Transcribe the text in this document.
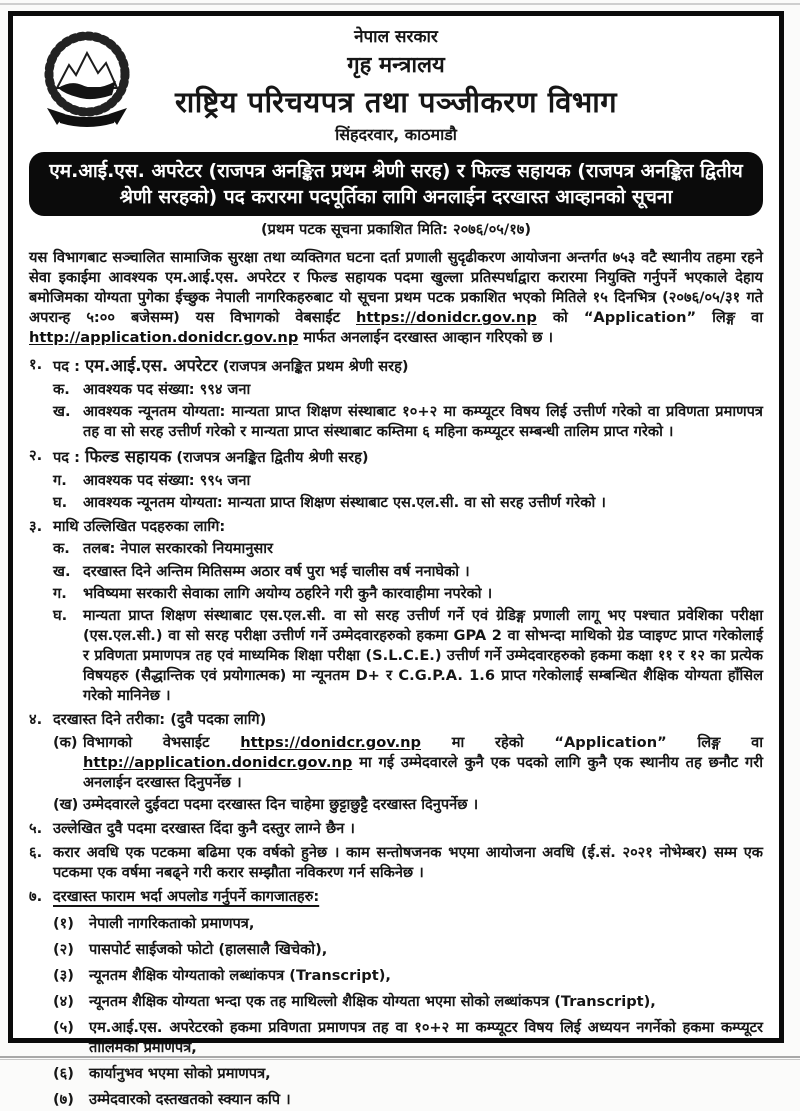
नेपाल सरकार
गृह मन्त्रालय
राष्ट्रिय परिचयपत्र तथा पञ्जीकरण विभाग
सिंहदरवार, काठमाडौ
एम.आई.एस. अपरेटर (राजपत्र अनङ्कित प्रथम श्रेणी सरह) र फिल्ड सहायक (राजपत्र अनङ्कित द्वितीय श्रेणी सरहको) पद करारमा पदपूर्तिका लागि अनलाईन दरखास्त आव्हानको सूचना
(प्रथम पटक सूचना प्रकाशित मिति: २०७६/०५/१७)

यस विभागबाट सञ्चालित सामाजिक सुरक्षा तथा व्यक्तिगत घटना दर्ता प्रणाली सुदृढीकरण आयोजना अन्तर्गत ७५३ वटै स्थानीय तहमा रहने सेवा इकाईमा आवश्यक एम.आई.एस. अपरेटर र फिल्ड सहायक पदमा खुल्ला प्रतिस्पर्धाद्वारा करारमा नियुक्ति गर्नुपर्ने भएकाले देहाय बमोजिमका योग्यता पुगेका ईच्छुक नेपाली नागरिकहरुबाट यो सूचना प्रथम पटक प्रकाशित भएको मितिले १५ दिनभित्र (२०७६/०५/३१ गते अपरान्ह ५:०० बजेसम्म) यस विभागको वेबसाईट https://donidcr.gov.np को “Application” लिङ्ग वा http://application.donidcr.gov.np मार्फत अनलाईन दरखास्त आव्हान गरिएको छ ।

१. पद : एम.आई.एस. अपरेटर (राजपत्र अनङ्कित प्रथम श्रेणी सरह)
क. आवश्यक पद संख्या: ९९४ जना
ख. आवश्यक न्यूनतम योग्यता: मान्यता प्राप्त शिक्षण संस्थाबाट १०+२ मा कम्प्यूटर विषय लिई उत्तीर्ण गरेको वा प्रविणता प्रमाणपत्र तह वा सो सरह उत्तीर्ण गरेको र मान्यता प्राप्त संस्थाबाट कम्तिमा ६ महिना कम्प्यूटर सम्बन्धी तालिम प्राप्त गरेको ।
२. पद : फिल्ड सहायक (राजपत्र अनङ्कित द्वितीय श्रेणी सरह)
ग.	आवश्यक पद संख्या: ९९५ जना
घ.	आवश्यक न्यूनतम योग्यता: मान्यता प्राप्त शिक्षण संस्थाबाट एस.एल.सी. वा सो सरह उत्तीर्ण गरेको ।
३. माथि उल्लिखित पदहरुका लागि:
क. तलब: नेपाल सरकारको नियमानुसार
ख. दरखास्त दिने अन्तिम मितिसम्म अठार वर्ष पुरा भई चालीस वर्ष ननाघेको ।
ग.	भविष्यमा सरकारी सेवाका लागि अयोग्य ठहरिने गरी कुनै कारवाहीमा नपरेको ।
घ.	मान्यता प्राप्त शिक्षण संस्थाबाट एस.एल.सी. वा सो सरह उत्तीर्ण गर्ने एवं ग्रेडिङ्ग प्रणाली लागू भए पश्चात प्रवेशिका परीक्षा (एस.एल.सी.) वा सो सरह परीक्षा उत्तीर्ण गर्ने उम्मेदवारहरुको हकमा GPA 2 वा सोभन्दा माथिको ग्रेड प्वाइण्ट प्राप्त गरेकोलाई र प्रविणता प्रमाणपत्र तह एवं माध्यमिक शिक्षा परीक्षा (S.L.C.E.) उत्तीर्ण गर्ने उम्मेदवारहरुको हकमा कक्षा ११ र १२ का प्रत्येक विषयहरु (सैद्धान्तिक एवं प्रयोगात्मक) मा न्यूनतम D+ र C.G.P.A. 1.6 प्राप्त गरेकोलाई सम्बन्धित शैक्षिक योग्यता हाँसिल गरेको मानिनेछ ।
४. दरखास्त दिने तरीका: (दुवै पदका लागि)
(क) विभागको वेभसाईट https://donidcr.gov.np मा रहेको “Application” लिङ्ग वा http://application.donidcr.gov.np मा गई उम्मेदवारले कुनै एक पदको लागि कुनै एक स्थानीय तह छनौट गरी अनलाईन दरखास्त दिनुपर्नेछ ।
(ख) उम्मेदवारले दुईवटा पदमा दरखास्त दिन चाहेमा छुट्टाछुट्टै दरखास्त दिनुपर्नेछ ।
५. उल्लेखित दुवै पदमा दरखास्त दिंदा कुनै दस्तुर लाग्ने छैन ।
६. करार अवधि एक पटकमा बढिमा एक वर्षको हुनेछ । काम सन्तोषजनक भएमा आयोजना अवधि (ई.सं. २०२१ नोभेम्बर) सम्म एक पटकमा एक वर्षमा नबढ्ने गरी करार सम्झौता नविकरण गर्न सकिनेछ ।
७. दरखास्त फाराम भर्दा अपलोड गर्नुपर्ने कागजातहरु:
(१)	नेपाली नागरिकताको प्रमाणपत्र,
(२)	पासपोर्ट साईजको फोटो (हालसालै खिचेको),
(३)	न्यूनतम शैक्षिक योग्यताको लब्धांकपत्र (Transcript),
(४)	न्यूनतम शैक्षिक योग्यता भन्दा एक तह माथिल्लो शैक्षिक योग्यता भएमा सोको लब्धांकपत्र (Transcript),
(५)	एम.आई.एस. अपरेटरको हकमा प्रविणता प्रमाणपत्र तह वा १०+२ मा कम्प्यूटर विषय लिई अध्ययन नगर्नेको हकमा कम्प्यूटर तालिमको प्रमाणपत्र,
(६)	कार्यानुभव भएमा सोको प्रमाणपत्र,
(७)	उम्मेदवारको दस्तखतको स्क्यान कपि ।
